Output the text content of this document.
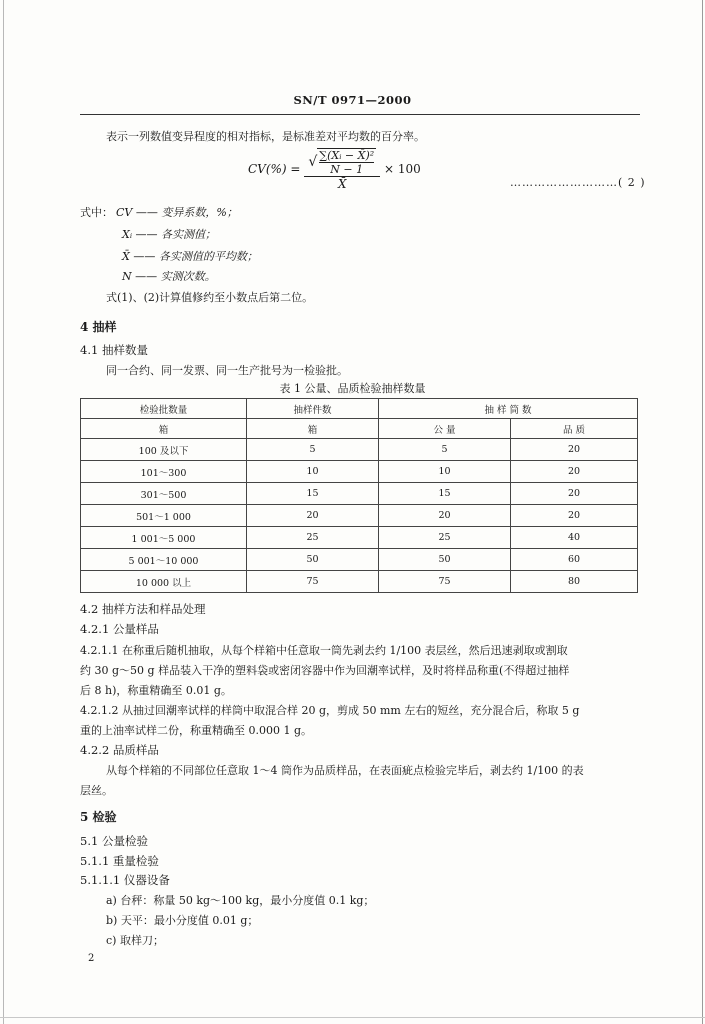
SN/T 0971—2000
表示一列数值变异程度的相对指标，是标准差对平均数的百分率。
$CV(\%) = \frac{√ \frac{\text{∑(Xᵢ − X̄)²}}{N - 1}}{X̄} \times 100$
………………………( 2 )
式中： CV —— 变异系数，%；
Xᵢ —— 各实测值；
X̄ —— 各实测值的平均数；
N —— 实测次数。
式(1)、(2)计算值修约至小数点后第二位。
4 抽样
4.1 抽样数量
同一合约、同一发票、同一生产批号为一检验批。
表 1 公量、品质检验抽样数量
检验批数量	抽样件数	抽 样 筒 数	
箱	箱	公 量	品 质
100 及以下	5	5	20
101～300	10	10	20
301～500	15	15	20
501～1 000	20	20	20
1 001～5 000	25	25	40
5 001～10 000	50	50	60
10 000 以上	75	75	80
4.2 抽样方法和样品处理
4.2.1 公量样品
4.2.1.1 在称重后随机抽取，从每个样箱中任意取一筒先剥去约 1/100 表层丝，然后迅速剥取或割取
约 30 g～50 g 样品装入干净的塑料袋或密闭容器中作为回潮率试样，及时将样品称重(不得超过抽样
后 8 h)，称重精确至 0.01 g。
4.2.1.2 从抽过回潮率试样的样筒中取混合样 20 g，剪成 50 mm 左右的短丝，充分混合后，称取 5 g
重的上油率试样二份，称重精确至 0.000 1 g。
4.2.2 品质样品
从每个样箱的不同部位任意取 1～4 筒作为品质样品，在表面疵点检验完毕后，剥去约 1/100 的表
层丝。
5 检验
5.1 公量检验
5.1.1 重量检验
5.1.1.1 仪器设备
a) 台秤：称量 50 kg～100 kg，最小分度值 0.1 kg；
b) 天平：最小分度值 0.01 g；
c) 取样刀；
2
